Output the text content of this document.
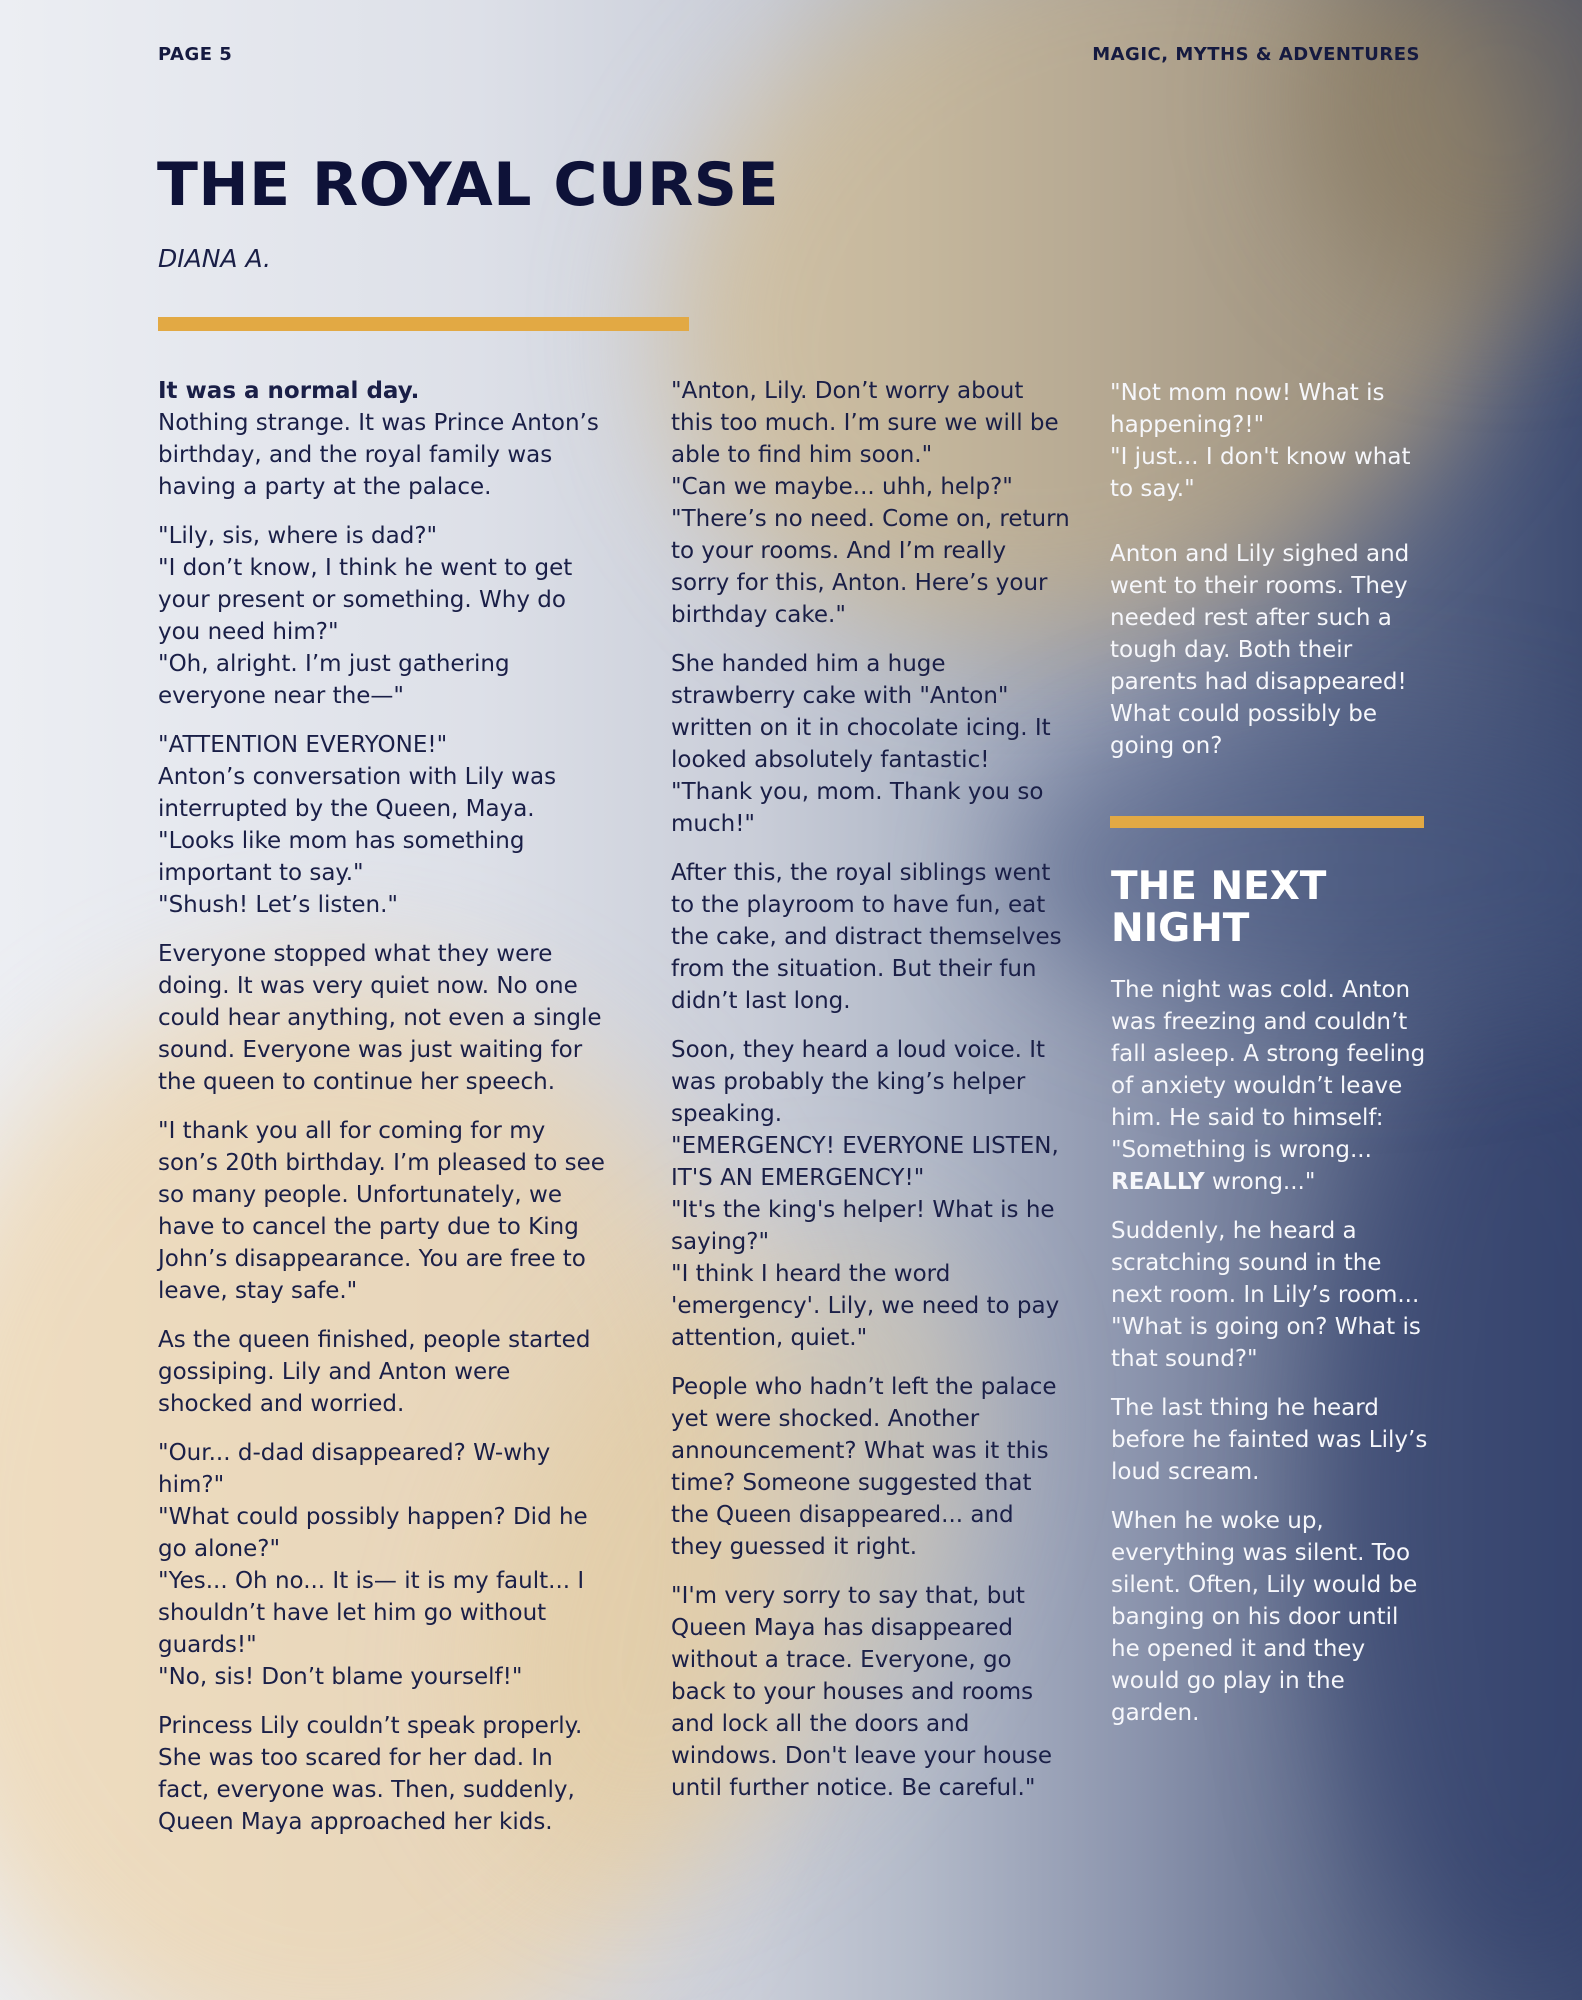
PAGE 5	MAGIC, MYTHS & ADVENTURES
THE ROYAL CURSE
DIANA A.

It was a normal day.
Nothing strange. It was Prince Anton’s birthday, and the royal family was having a party at the palace.

"Lily, sis, where is dad?"
"I don’t know, I think he went to get your present or something. Why do you need him?"
"Oh, alright. I’m just gathering everyone near the—"

"ATTENTION EVERYONE!"
Anton’s conversation with Lily was interrupted by the Queen, Maya.
"Looks like mom has something important to say."
"Shush! Let’s listen."

Everyone stopped what they were doing. It was very quiet now. No one could hear anything, not even a single sound. Everyone was just waiting for the queen to continue her speech.

"I thank you all for coming for my son’s 20th birthday. I’m pleased to see so many people. Unfortunately, we have to cancel the party due to King John’s disappearance. You are free to leave, stay safe."

As the queen finished, people started gossiping. Lily and Anton were shocked and worried.

"Our... d-dad disappeared? W-why him?"
"What could possibly happen? Did he go alone?"
"Yes... Oh no... It is— it is my fault... I shouldn’t have let him go without guards!"
"No, sis! Don’t blame yourself!"

Princess Lily couldn’t speak properly. She was too scared for her dad. In fact, everyone was. Then, suddenly, Queen Maya approached her kids.

"Anton, Lily. Don’t worry about this too much. I’m sure we will be able to find him soon."
"Can we maybe... uhh, help?"
"There’s no need. Come on, return to your rooms. And I’m really sorry for this, Anton. Here’s your birthday cake."

She handed him a huge strawberry cake with "Anton" written on it in chocolate icing. It looked absolutely fantastic!
"Thank you, mom. Thank you so much!"

After this, the royal siblings went to the playroom to have fun, eat the cake, and distract themselves from the situation. But their fun didn’t last long.

Soon, they heard a loud voice. It was probably the king’s helper speaking.
"EMERGENCY! EVERYONE LISTEN, IT'S AN EMERGENCY!"
"It's the king's helper! What is he saying?"
"I think I heard the word 'emergency'. Lily, we need to pay attention, quiet."

People who hadn’t left the palace yet were shocked. Another announcement? What was it this time? Someone suggested that the Queen disappeared... and they guessed it right.

"I'm very sorry to say that, but Queen Maya has disappeared without a trace. Everyone, go back to your houses and rooms and lock all the doors and windows. Don't leave your house until further notice. Be careful."

"Not mom now! What is happening?!"
"I just... I don't know what to say."

Anton and Lily sighed and went to their rooms. They needed rest after such a tough day. Both their parents had disappeared! What could possibly be going on?

THE NEXT NIGHT

The night was cold. Anton was freezing and couldn’t fall asleep. A strong feeling of anxiety wouldn’t leave him. He said to himself:
"Something is wrong...
REALLY wrong..."

Suddenly, he heard a scratching sound in the next room. In Lily’s room...
"What is going on? What is that sound?"

The last thing he heard before he fainted was Lily’s loud scream.

When he woke up, everything was silent. Too silent. Often, Lily would be banging on his door until he opened it and they would go play in the garden.
